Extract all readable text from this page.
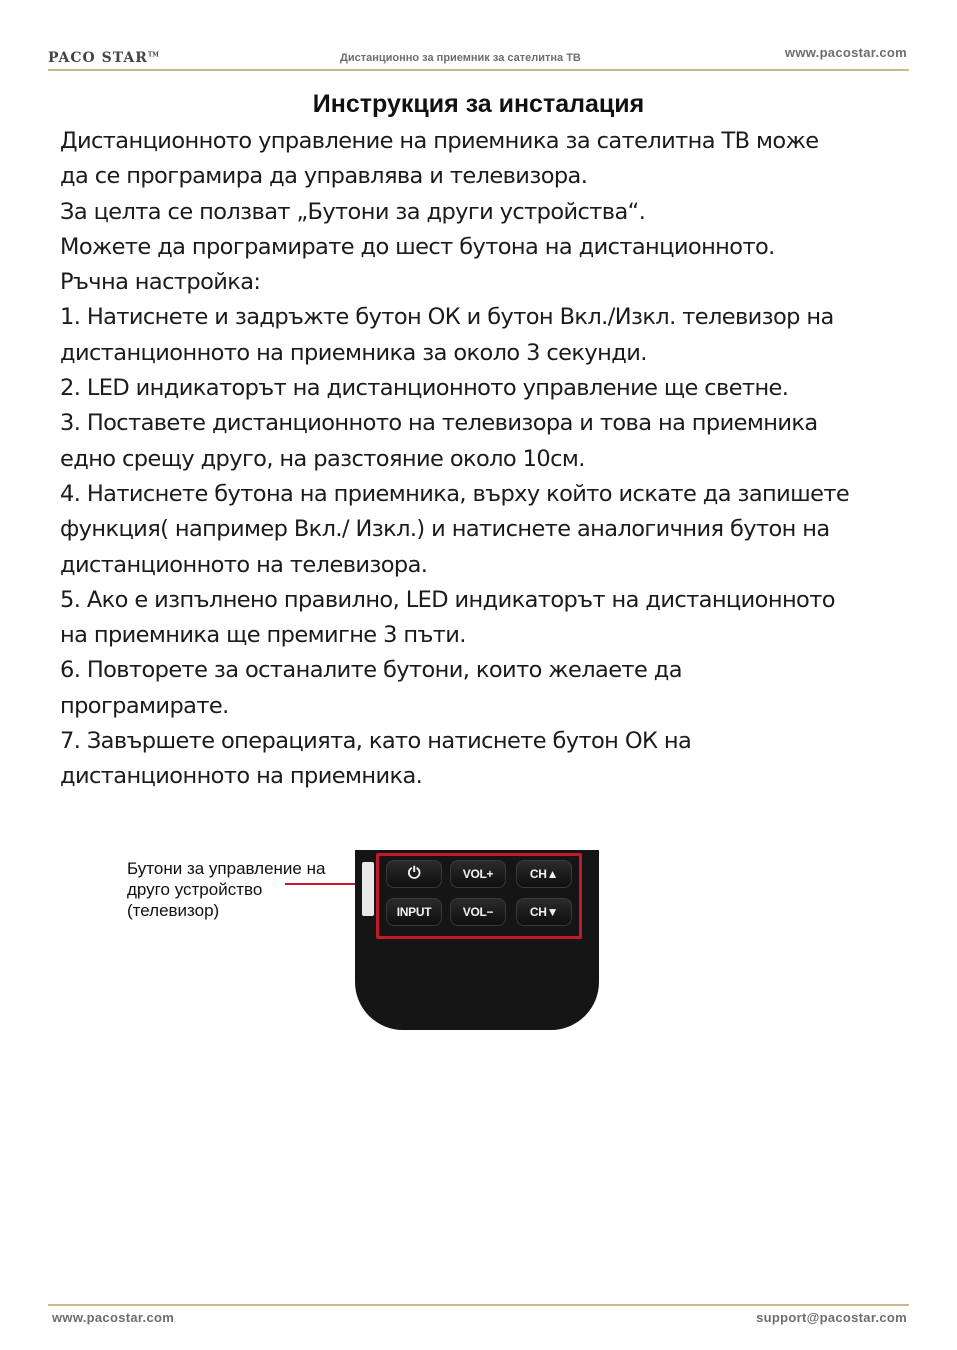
PACO STAR™	Дистанционно за приемник за сателитна ТВ	www.pacostar.com
Инструкция за инсталация

Дистанционното управление на приемника за сателитна ТВ може

да се програмира да управлява и телевизора.

За целта се ползват „Бутони за други устройства“.

Можете да програмирате до шест бутона на дистанционното.

Ръчна настройка:

1. Натиснете и задръжте бутон ОК и бутон Вкл./Изкл. телевизор на

дистанционното на приемника за около 3 секунди.

2. LED индикаторът на дистанционното управление ще светне.

3. Поставете дистанционното на телевизора и това на приемника

едно срещу друго, на разстояние около 10см.

4. Натиснете бутона на приемника, върху който искате да запишете

функция( например Вкл./ Изкл.) и натиснете аналогичния бутон на

дистанционното на телевизора.

5. Ако е изпълнено правилно, LED индикаторът на дистанционното

на приемника ще премигне 3 пъти.

6. Повторете за останалите бутони, които желаете да

програмирате.

7. Завършете операцията, като натиснете бутон ОК на

дистанционното на приемника.

Бутони за управление на
друго устройство
(телевизор)
⏻	VOL+	CH▲
INPUT	VOL−	CH▼
www.pacostar.com	support@pacostar.com
